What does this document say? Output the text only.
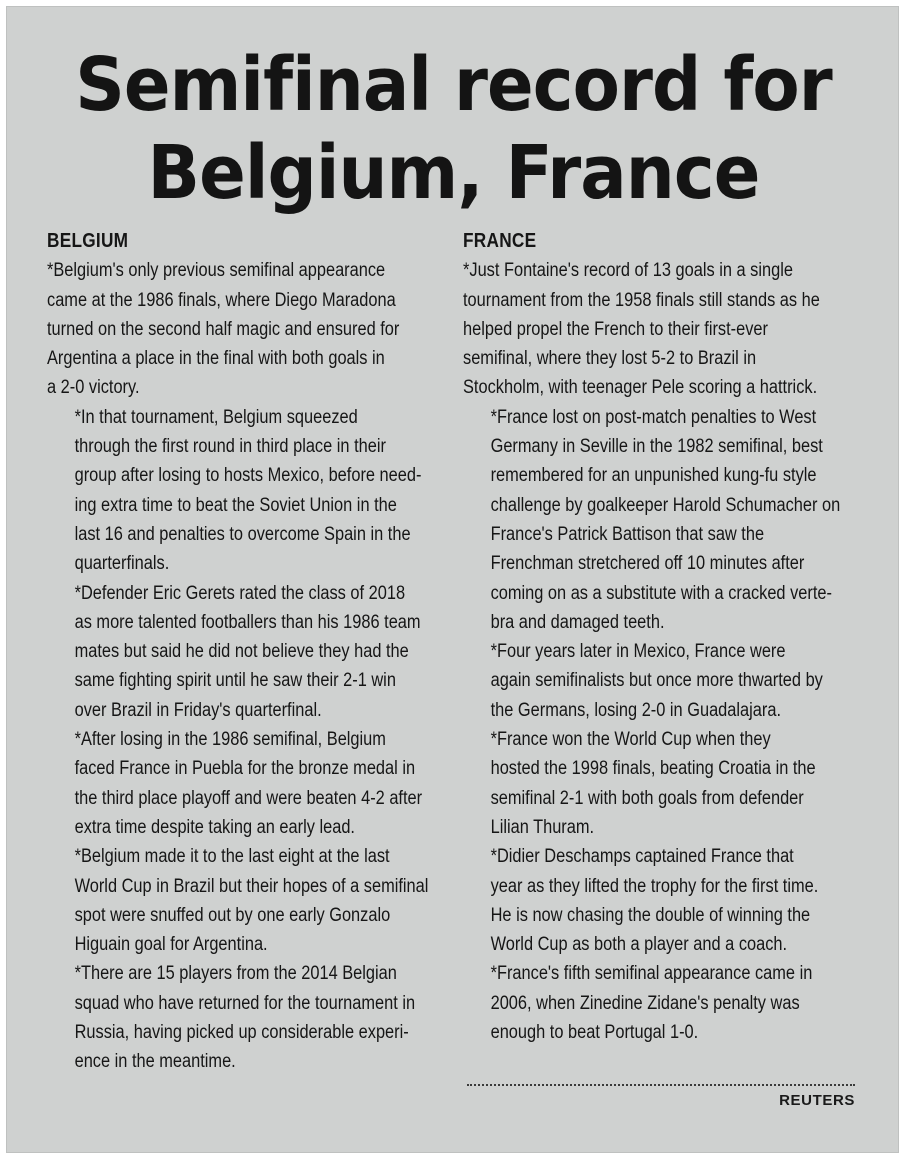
Semifinal record for
Belgium, France
BELGIUM

*Belgium's only previous semifinal appearance
came at the 1986 finals, where Diego Maradona
turned on the second half magic and ensured for
Argentina a place in the final with both goals in
a 2-0 victory.

*In that tournament, Belgium squeezed
through the first round in third place in their
group after losing to hosts Mexico, before need-
ing extra time to beat the Soviet Union in the
last 16 and penalties to overcome Spain in the
quarterfinals.

*Defender Eric Gerets rated the class of 2018
as more talented footballers than his 1986 team
mates but said he did not believe they had the
same fighting spirit until he saw their 2-1 win
over Brazil in Friday's quarterfinal.

*After losing in the 1986 semifinal, Belgium
faced France in Puebla for the bronze medal in
the third place playoff and were beaten 4-2 after
extra time despite taking an early lead.

*Belgium made it to the last eight at the last
World Cup in Brazil but their hopes of a semifinal
spot were snuffed out by one early Gonzalo
Higuain goal for Argentina.

*There are 15 players from the 2014 Belgian
squad who have returned for the tournament in
Russia, having picked up considerable experi-
ence in the meantime.

FRANCE

*Just Fontaine's record of 13 goals in a single
tournament from the 1958 finals still stands as he
helped propel the French to their first-ever
semifinal, where they lost 5-2 to Brazil in
Stockholm, with teenager Pele scoring a hattrick.

*France lost on post-match penalties to West
Germany in Seville in the 1982 semifinal, best
remembered for an unpunished kung-fu style
challenge by goalkeeper Harold Schumacher on
France's Patrick Battison that saw the
Frenchman stretchered off 10 minutes after
coming on as a substitute with a cracked verte-
bra and damaged teeth.

*Four years later in Mexico, France were
again semifinalists but once more thwarted by
the Germans, losing 2-0 in Guadalajara.

*France won the World Cup when they
hosted the 1998 finals, beating Croatia in the
semifinal 2-1 with both goals from defender
Lilian Thuram.

*Didier Deschamps captained France that
year as they lifted the trophy for the first time.
He is now chasing the double of winning the
World Cup as both a player and a coach.

*France's fifth semifinal appearance came in
2006, when Zinedine Zidane's penalty was
enough to beat Portugal 1-0.

REUTERS
